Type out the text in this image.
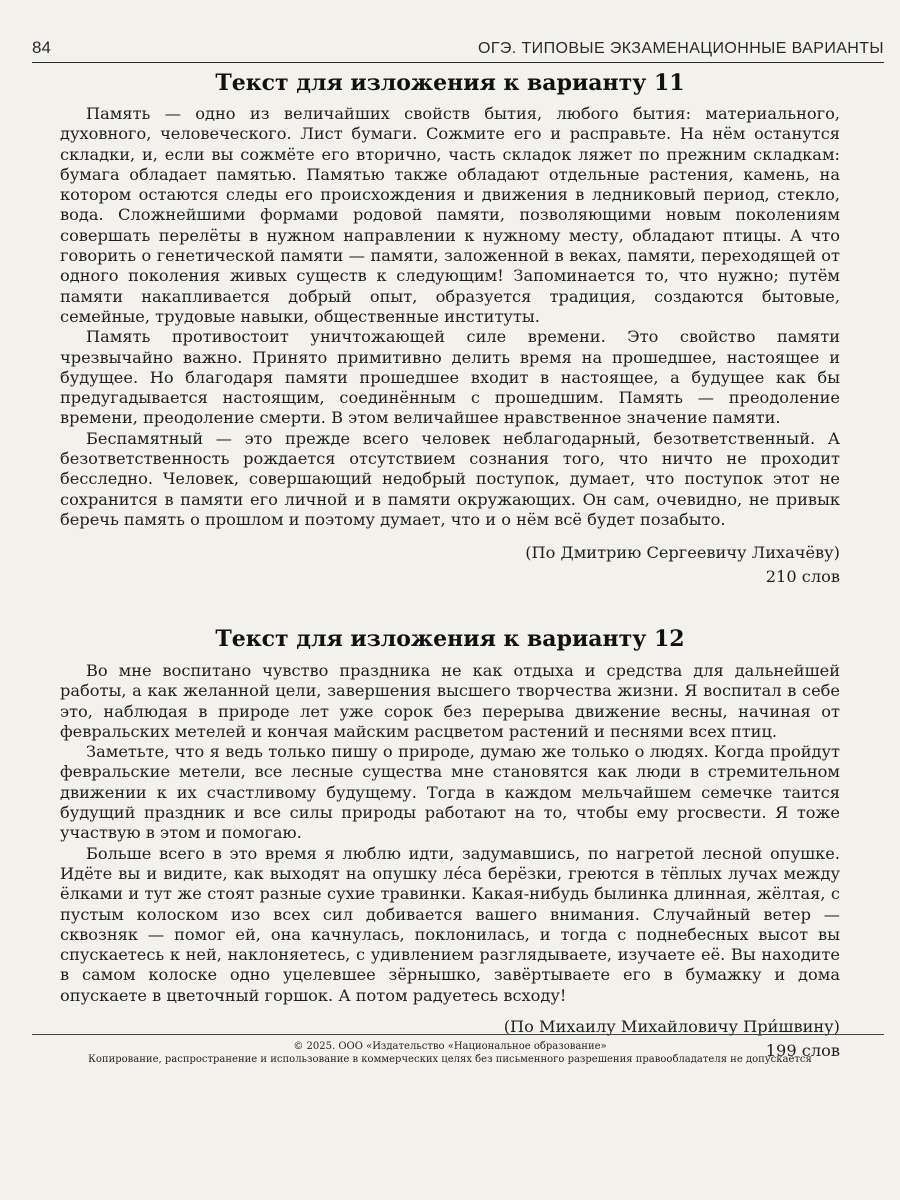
84	ОГЭ. ТИПОВЫЕ ЭКЗАМЕНАЦИОННЫЕ ВАРИАНТЫ
Текст для изложения к варианту 11

Память — одно из величайших свойств бытия, любого бытия: материального, духовного, человеческого. Лист бумаги. Сожмите его и расправьте. На нём останутся складки, и, если вы сожмёте его вторично, часть складок ляжет по прежним складкам: бумага обладает памятью. Памятью также обладают отдельные растения, камень, на котором остаются следы его происхождения и движения в ледниковый период, стекло, вода. Сложнейшими формами родовой памяти, позволяющими новым поколениям совершать перелёты в нужном направлении к нужному месту, обладают птицы. А что говорить о генетической памяти — памяти, заложенной в веках, памяти, переходящей от одного поколения живых существ к следующим! Запоминается то, что нужно; путём памяти накапливается добрый опыт, образуется традиция, создаются бытовые, семейные, трудовые навыки, общественные институты.

Память противостоит уничтожающей силе времени. Это свойство памяти чрезвычайно важно. Принято примитивно делить время на прошедшее, настоящее и будущее. Но благодаря памяти прошедшее входит в настоящее, а будущее как бы предугадывается настоящим, соединённым с прошедшим. Память — преодоление времени, преодоление смерти. В этом величайшее нравственное значение памяти.

Беспамятный — это прежде всего человек неблагодарный, безответственный. А безответственность рождается отсутствием сознания того, что ничто не проходит бесследно. Человек, совершающий недобрый поступок, думает, что поступок этот не сохранится в памяти его личной и в памяти окружающих. Он сам, очевидно, не привык беречь память о прошлом и поэтому думает, что и о нём всё будет позабыто.

(По Дмитрию Сергеевичу Лихачёву)

210 слов

Текст для изложения к варианту 12

Во мне воспитано чувство праздника не как отдыха и средства для дальнейшей работы, а как желанной цели, завершения высшего творчества жизни. Я воспитал в себе это, наблюдая в природе лет уже сорок без перерыва движение весны, начиная от февральских метелей и кончая майским расцветом растений и песнями всех птиц.

Заметьте, что я ведь только пишу о природе, думаю же только о людях. Когда пройдут февральские метели, все лесные существа мне становятся как люди в стремительном движении к их счастливому будущему. Тогда в каждом мельчайшем семечке таится будущий праздник и все силы природы работают на то, чтобы ему procвести. Я тоже участвую в этом и помогаю.

Больше всего в это время я люблю идти, задумавшись, по нагретой лесной опушке. Идёте вы и видите, как выходят на опушку ле́са берёзки, греются в тёплых лучах между ёлками и тут же стоят разные сухие травинки. Какая-нибудь былинка длинная, жёлтая, с пустым колоском изо всех сил добивается вашего внимания. Случайный ветер — сквозняк — помог ей, она качнулась, поклонилась, и тогда с поднебесных высот вы спускаетесь к ней, наклоняетесь, с удивлением разглядываете, изучаете её. Вы находите в самом колоске одно уцелевшее зёрнышко, завёртываете его в бумажку и дома опускаете в цветочный горшок. А потом радуетесь всходу!

(По Михаилу Михайловичу При́швину)

199 слов

© 2025. ООО «Издательство «Национальное образование»

Копирование, распространение и использование в коммерческих целях без письменного разрешения правообладателя не допускается
